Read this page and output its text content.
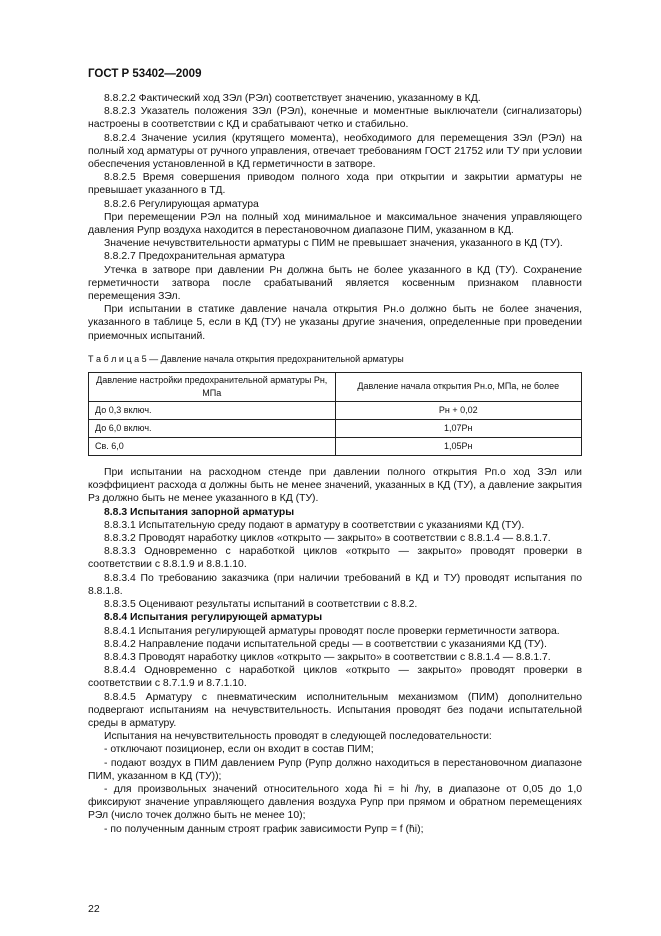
ГОСТ Р 53402—2009

8.8.2.2 Фактический ход ЗЭл (РЭл) соответствует значению, указанному в КД.

8.8.2.3 Указатель положения ЗЭл (РЭл), конечные и моментные выключатели (сигнализаторы) настроены в соответствии с КД и срабатывают четко и стабильно.

8.8.2.4 Значение усилия (крутящего момента), необходимого для перемещения ЗЭл (РЭл) на полный ход арматуры от ручного управления, отвечает требованиям ГОСТ 21752 или ТУ при условии обеспечения установленной в КД герметичности в затворе.

8.8.2.5 Время совершения приводом полного хода при открытии и закрытии арматуры не превышает указанного в ТД.

8.8.2.6 Регулирующая арматура

При перемещении РЭл на полный ход минимальное и максимальное значения управляющего давления Pупр воздуха находится в перестановочном диапазоне ПИМ, указанном в КД.

Значение нечувствительности арматуры с ПИМ не превышает значения, указанного в КД (ТУ).

8.8.2.7 Предохранительная арматура

Утечка в затворе при давлении Pн должна быть не более указанного в КД (ТУ). Сохранение герметичности затвора после срабатываний является косвенным признаком плавности перемещения ЗЭл.

При испытании в статике давление начала открытия Pн.о должно быть не более значения, указанного в таблице 5, если в КД (ТУ) не указаны другие значения, определенные при проведении приемочных испытаний.

Т а б л и ц а 5 — Давление начала открытия предохранительной арматуры

Давление настройки предохранительной арматуры Pн, МПа	Давление начала открытия Pн.о, МПа, не более
До 0,3 включ.	Pн + 0,02
До 6,0 включ.	1,07Pн
Св. 6,0	1,05Pн

При испытании на расходном стенде при давлении полного открытия Pп.о ход ЗЭл или коэффициент расхода α должны быть не менее значений, указанных в КД (ТУ), а давление закрытия Pз должно быть не менее указанного в КД (ТУ).

8.8.3 Испытания запорной арматуры

8.8.3.1 Испытательную среду подают в арматуру в соответствии с указаниями КД (ТУ).

8.8.3.2 Проводят наработку циклов «открыто — закрыто» в соответствии с 8.8.1.4 — 8.8.1.7.

8.8.3.3 Одновременно с наработкой циклов «открыто — закрыто» проводят проверки в соответствии с 8.8.1.9 и 8.8.1.10.

8.8.3.4 По требованию заказчика (при наличии требований в КД и ТУ) проводят испытания по 8.8.1.8.

8.8.3.5 Оценивают результаты испытаний в соответствии с 8.8.2.

8.8.4 Испытания регулирующей арматуры

8.8.4.1 Испытания регулирующей арматуры проводят после проверки герметичности затвора.

8.8.4.2 Направление подачи испытательной среды — в соответствии с указаниями КД (ТУ).

8.8.4.3 Проводят наработку циклов «открыто — закрыто» в соответствии с 8.8.1.4 — 8.8.1.7.

8.8.4.4 Одновременно с наработкой циклов «открыто — закрыто» проводят проверки в соответствии с 8.7.1.9 и 8.7.1.10.

8.8.4.5 Арматуру с пневматическим исполнительным механизмом (ПИМ) дополнительно подвергают испытаниям на нечувствительность. Испытания проводят без подачи испытательной среды в арматуру.

Испытания на нечувствительность проводят в следующей последовательности:

- отключают позиционер, если он входит в состав ПИМ;

- подают воздух в ПИМ давлением Pупр (Pупр должно находиться в перестановочном диапазоне ПИМ, указанном в КД (ТУ));

- для произвольных значений относительного хода h̄i = hi /hy, в диапазоне от 0,05 до 1,0 фиксируют значение управляющего давления воздуха Pупр при прямом и обратном перемещениях РЭл (число точек должно быть не менее 10);

- по полученным данным строят график зависимости Pупр = f (h̄i);

22
